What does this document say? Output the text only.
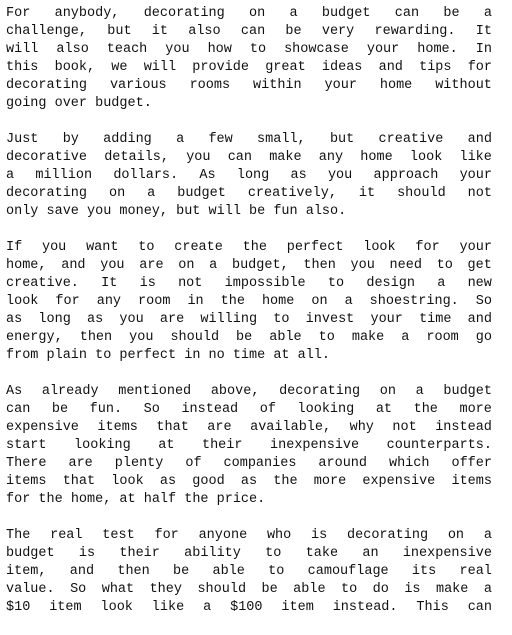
For anybody, decorating on a budget can be a
challenge, but it also can be very rewarding. It
will also teach you how to showcase your home. In
this book, we will provide great ideas and tips for
decorating various rooms within your home without
going over budget.
Just by adding a few small, but creative and
decorative details, you can make any home look like
a million dollars. As long as you approach your
decorating on a budget creatively, it should not
only save you money, but will be fun also.
If you want to create the perfect look for your
home, and you are on a budget, then you need to get
creative. It is not impossible to design a new
look for any room in the home on a shoestring. So
as long as you are willing to invest your time and
energy, then you should be able to make a room go
from plain to perfect in no time at all.
As already mentioned above, decorating on a budget
can be fun. So instead of looking at the more
expensive items that are available, why not instead
start looking at their inexpensive counterparts.
There are plenty of companies around which offer
items that look as good as the more expensive items
for the home, at half the price.
The real test for anyone who is decorating on a
budget is their ability to take an inexpensive
item, and then be able to camouflage its real
value. So what they should be able to do is make a
$10 item look like a $100 item instead. This can
